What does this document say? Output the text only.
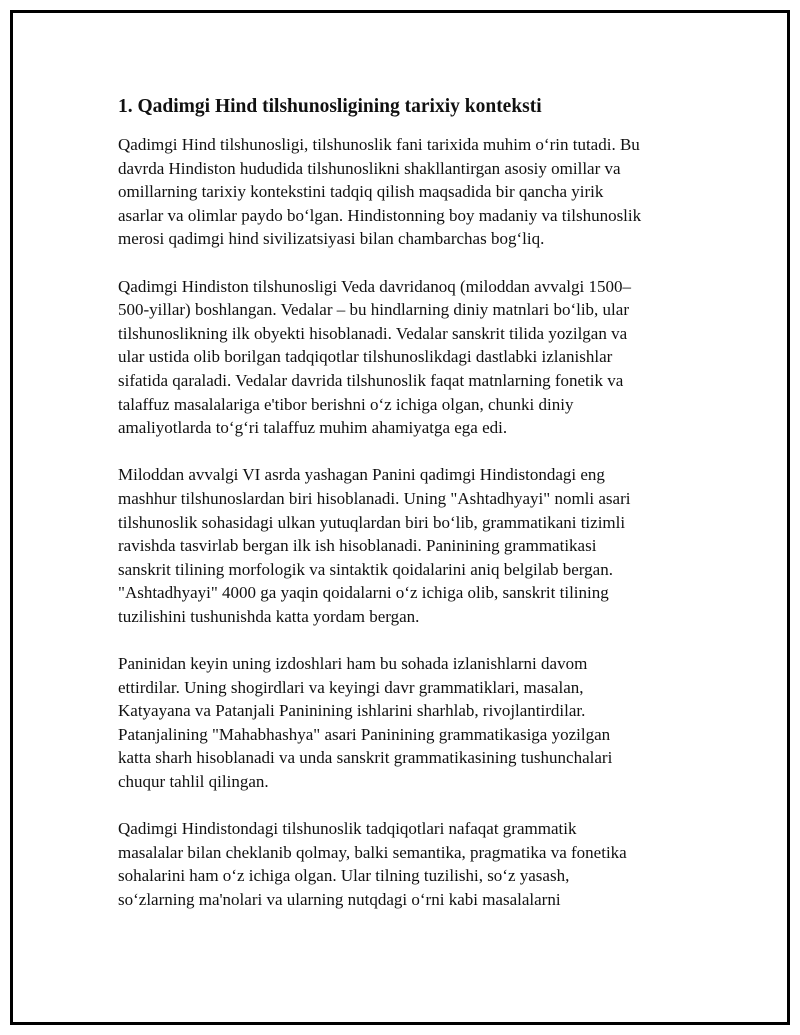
1. Qadimgi Hind tilshunosligining tarixiy konteksti

Qadimgi Hind tilshunosligi, tilshunoslik fani tarixida muhim oʻrin tutadi. Bu
davrda Hindiston hududida tilshunoslikni shakllantirgan asosiy omillar va
omillarning tarixiy kontekstini tadqiq qilish maqsadida bir qancha yirik
asarlar va olimlar paydo boʻlgan. Hindistonning boy madaniy va tilshunoslik
merosi qadimgi hind sivilizatsiyasi bilan chambarchas bogʻliq.

Qadimgi Hindiston tilshunosligi Veda davridanoq (miloddan avvalgi 1500–
500-yillar) boshlangan. Vedalar – bu hindlarning diniy matnlari boʻlib, ular
tilshunoslikning ilk obyekti hisoblanadi. Vedalar sanskrit tilida yozilgan va
ular ustida olib borilgan tadqiqotlar tilshunoslikdagi dastlabki izlanishlar
sifatida qaraladi. Vedalar davrida tilshunoslik faqat matnlarning fonetik va
talaffuz masalalariga e'tibor berishni oʻz ichiga olgan, chunki diniy
amaliyotlarda toʻgʻri talaffuz muhim ahamiyatga ega edi.

Miloddan avvalgi VI asrda yashagan Panini qadimgi Hindistondagi eng
mashhur tilshunoslardan biri hisoblanadi. Uning "Ashtadhyayi" nomli asari
tilshunoslik sohasidagi ulkan yutuqlardan biri boʻlib, grammatikani tizimli
ravishda tasvirlab bergan ilk ish hisoblanadi. Paninining grammatikasi
sanskrit tilining morfologik va sintaktik qoidalarini aniq belgilab bergan.
"Ashtadhyayi" 4000 ga yaqin qoidalarni oʻz ichiga olib, sanskrit tilining
tuzilishini tushunishda katta yordam bergan.

Paninidan keyin uning izdoshlari ham bu sohada izlanishlarni davom
ettirdilar. Uning shogirdlari va keyingi davr grammatiklari, masalan,
Katyayana va Patanjali Paninining ishlarini sharhlab, rivojlantirdilar.
Patanjalining "Mahabhashya" asari Paninining grammatikasiga yozilgan
katta sharh hisoblanadi va unda sanskrit grammatikasining tushunchalari
chuqur tahlil qilingan.

Qadimgi Hindistondagi tilshunoslik tadqiqotlari nafaqat grammatik
masalalar bilan cheklanib qolmay, balki semantika, pragmatika va fonetika
sohalarini ham oʻz ichiga olgan. Ular tilning tuzilishi, soʻz yasash,
soʻzlarning ma'nolari va ularning nutqdagi oʻrni kabi masalalarni
